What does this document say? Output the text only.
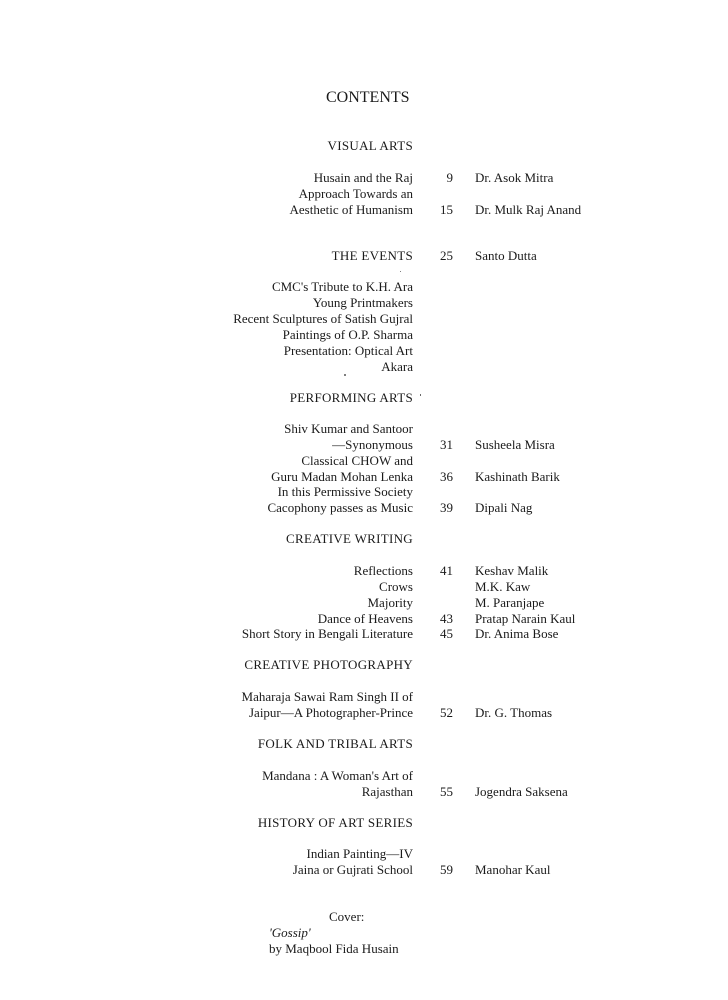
CONTENTS
VISUAL ARTS
Husain and the Raj	9 Dr. Asok Mitra
Approach Towards an
Aesthetic of Humanism 15 Dr. Mulk Raj Anand
THE EVENTS 25 Santo Dutta
CMC's Tribute to K.H. Ara
Young Printmakers
Recent Sculptures of Satish Gujral
Paintings of O.P. Sharma
Presentation: Optical Art
Akara
PERFORMING ARTS
Shiv Kumar and Santoor
—Synonymous 31 Susheela Misra
Classical CHOW and
Guru Madan Mohan Lenka 36 Kashinath Barik
In this Permissive Society
Cacophony passes as Music 39 Dipali Nag
CREATIVE WRITING
Reflections 41 Keshav Malik
Crows	M.K. Kaw
Majority	M. Paranjape
Dance of Heavens 43 Pratap Narain Kaul
Short Story in Bengali Literature 45 Dr. Anima Bose
CREATIVE PHOTOGRAPHY
Maharaja Sawai Ram Singh II of
Jaipur—A Photographer-Prince 52 Dr. G. Thomas
FOLK AND TRIBAL ARTS
Mandana : A Woman's Art of
Rajasthan 55 Jogendra Saksena
HISTORY OF ART SERIES
Indian Painting—IV
Jaina or Gujrati School 59 Manohar Kaul
Cover:
'Gossip'
by Maqbool Fida Husain
